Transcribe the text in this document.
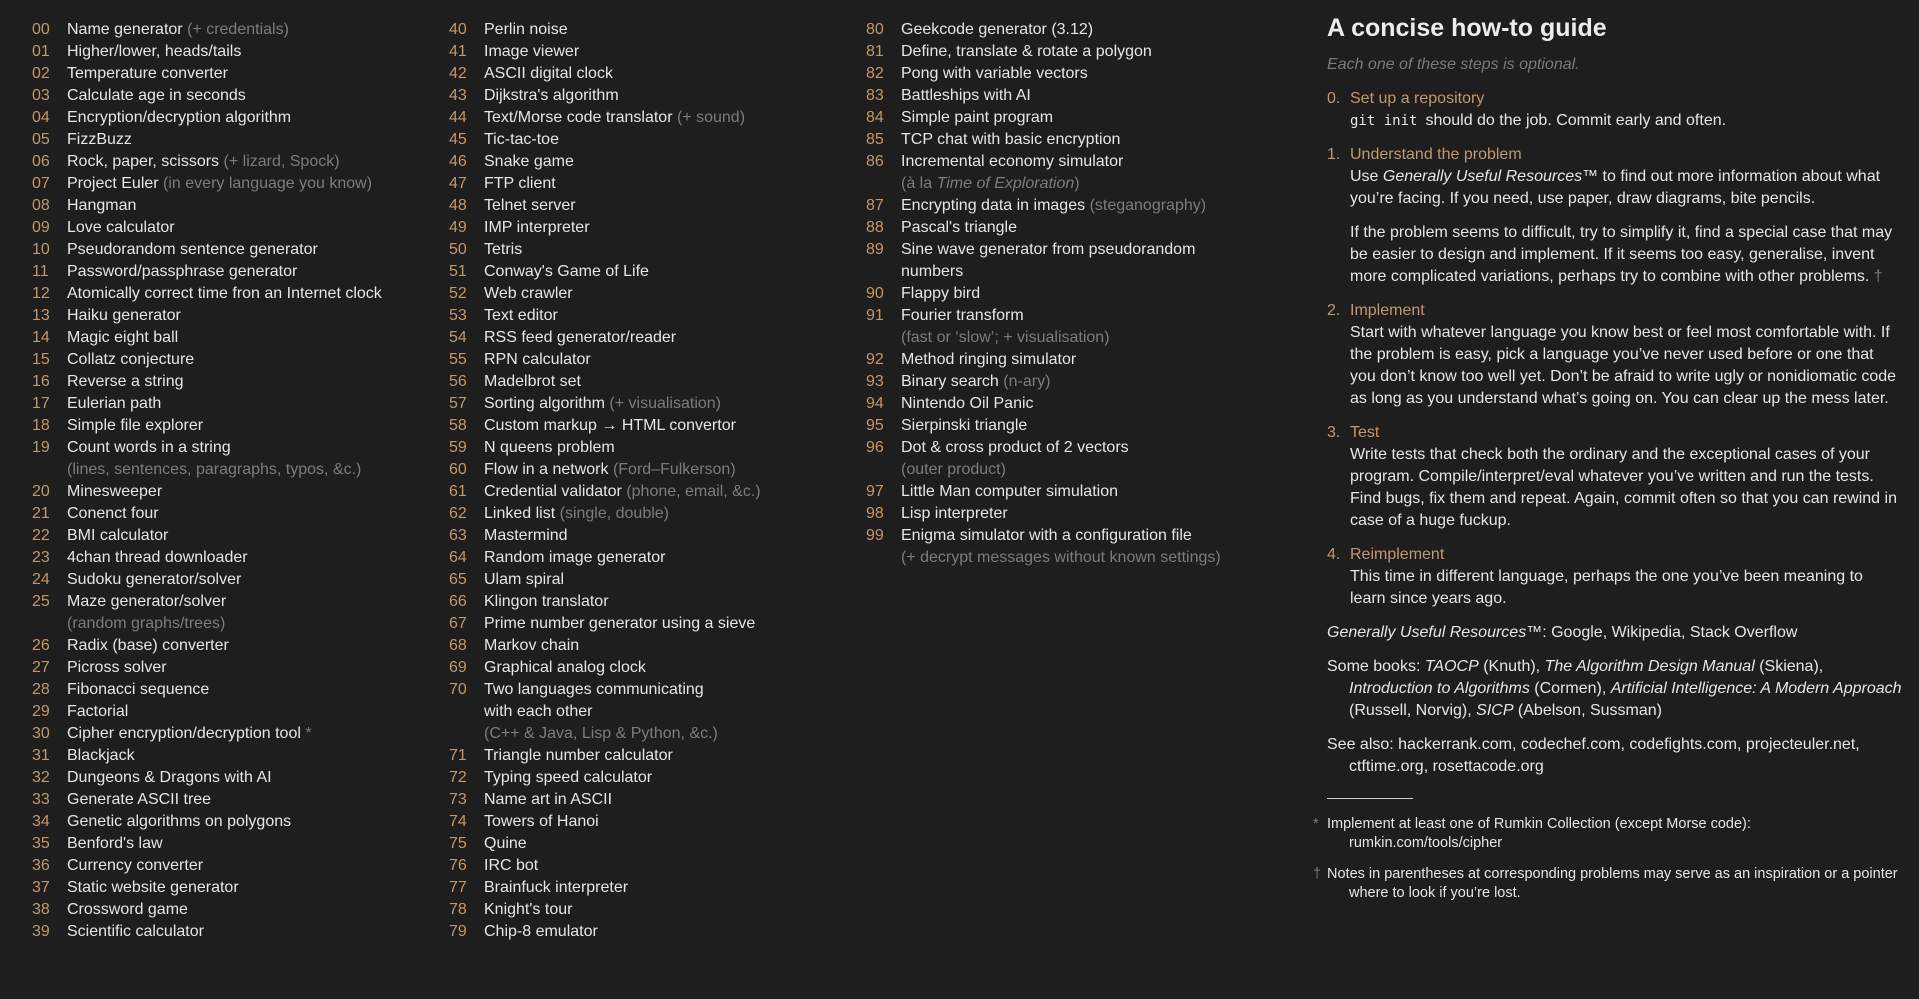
00	Name generator (+ credentials)
01	Higher/lower, heads/tails
02	Temperature converter
03	Calculate age in seconds
04	Encryption/decryption algorithm
05	FizzBuzz
06	Rock, paper, scissors (+ lizard, Spock)
07	Project Euler (in every language you know)
08	Hangman
09	Love calculator
10	Pseudorandom sentence generator
11	Password/passphrase generator
12	Atomically correct time fron an Internet clock
13	Haiku generator
14	Magic eight ball
15	Collatz conjecture
16	Reverse a string
17	Eulerian path
18	Simple file explorer
19	Count words in a string
(lines, sentences, paragraphs, typos, &c.)
20	Minesweeper
21	Conenct four
22	BMI calculator
23	4chan thread downloader
24	Sudoku generator/solver
25	Maze generator/solver
(random graphs/trees)
26	Radix (base) converter
27	Picross solver
28	Fibonacci sequence
29	Factorial
30	Cipher encryption/decryption tool *
31	Blackjack
32	Dungeons & Dragons with AI
33	Generate ASCII tree
34	Genetic algorithms on polygons
35	Benford's law
36	Currency converter
37	Static website generator
38	Crossword game
39	Scientific calculator
40	Perlin noise
41	Image viewer
42	ASCII digital clock
43	Dijkstra's algorithm
44	Text/Morse code translator (+ sound)
45	Tic-tac-toe
46	Snake game
47	FTP client
48	Telnet server
49	IMP interpreter
50	Tetris
51	Conway's Game of Life
52	Web crawler
53	Text editor
54	RSS feed generator/reader
55	RPN calculator
56	Madelbrot set
57	Sorting algorithm (+ visualisation)
58	Custom markup → HTML convertor
59	N queens problem
60	Flow in a network (Ford–Fulkerson)
61	Credential validator (phone, email, &c.)
62	Linked list (single, double)
63	Mastermind
64	Random image generator
65	Ulam spiral
66	Klingon translator
67	Prime number generator using a sieve
68	Markov chain
69	Graphical analog clock
70	Two languages communicating
with each other
(C++ & Java, Lisp & Python, &c.)
71	Triangle number calculator
72	Typing speed calculator
73	Name art in ASCII
74	Towers of Hanoi
75	Quine
76	IRC bot
77	Brainfuck interpreter
78	Knight's tour
79	Chip-8 emulator
80	Geekcode generator (3.12)
81	Define, translate & rotate a polygon
82	Pong with variable vectors
83	Battleships with AI
84	Simple paint program
85	TCP chat with basic encryption
86	Incremental economy simulator
(à la Time of Exploration)
87	Encrypting data in images (steganography)
88	Pascal's triangle
89	Sine wave generator from pseudorandom
numbers
90	Flappy bird
91	Fourier transform
(fast or ‘slow’; + visualisation)
92	Method ringing simulator
93	Binary search (n-ary)
94	Nintendo Oil Panic
95	Sierpinski triangle
96	Dot & cross product of 2 vectors
(outer product)
97	Little Man computer simulation
98	Lisp interpreter
99	Enigma simulator with a configuration file
(+ decrypt messages without known settings)
A concise how-to guide
Each one of these steps is optional.
0. Set up a repository

git init should do the job. Commit early and often.

1. Understand the problem

Use Generally Useful Resources™ to find out more information about what you’re facing. If you need, use paper, draw diagrams, bite pencils.

If the problem seems to difficult, try to simplify it, find a special case that may be easier to design and implement. If it seems too easy, generalise, invent more complicated variations, perhaps try to combine with other problems. †

2. Implement

Start with whatever language you know best or feel most comfortable with. If the problem is easy, pick a language you’ve never used before or one that you don’t know too well yet. Don’t be afraid to write ugly or nonidiomatic code as long as you understand what’s going on. You can clear up the mess later.

3. Test

Write tests that check both the ordinary and the exceptional cases of your program. Compile/interpret/eval whatever you’ve written and run the tests. Find bugs, fix them and repeat. Again, commit often so that you can rewind in case of a huge fuckup.

4. Reimplement

This time in different language, perhaps the one you’ve been meaning to learn since years ago.

Generally Useful Resources™: Google, Wikipedia, Stack Overflow
Some books: TAOCP (Knuth), The Algorithm Design Manual (Skiena), Introduction to Algorithms (Cormen), Artificial Intelligence: A Modern Approach (Russell, Norvig), SICP (Abelson, Sussman)
See also: hackerrank.com, codechef.com, codefights.com, projecteuler.net, ctftime.org, rosettacode.org
* Implement at least one of Rumkin Collection (except Morse code): rumkin.com/tools/cipher
† Notes in parentheses at corresponding problems may serve as an inspiration or a pointer where to look if you’re lost.
